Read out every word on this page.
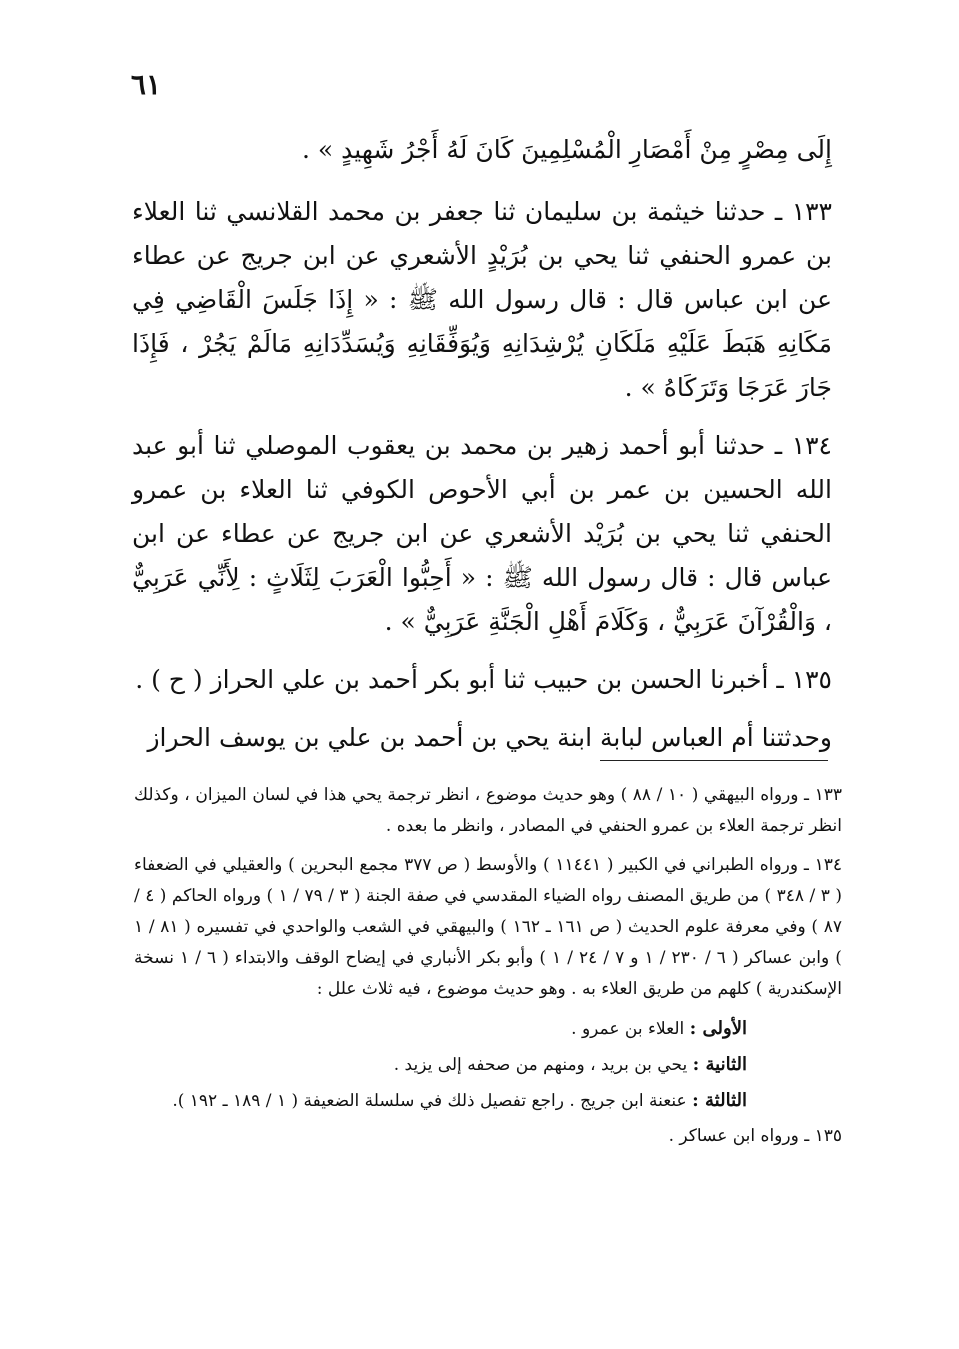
٦١

إِلَى مِصْرٍ مِنْ أَمْصَارِ الْمُسْلِمِينَ كَانَ لَهُ أَجْرُ شَهِيدٍ » .

١٣٣ ـ حدثنا خيثمة بن سليمان ثنا جعفر بن محمد القلانسي ثنا العلاء بن عمرو الحنفي ثنا يحي بن بُرَيْدٍ الأشعري عن ابن جريج عن عطاء عن ابن عباس قال : قال رسول الله ﷺ : « إِذَا جَلَسَ الْقَاضِي فِي مَكَانِهِ هَبَطَ عَلَيْهِ مَلَكَانِ يُرْشِدَانِهِ وَيُوَفِّقَانِهِ وَيُسَدِّدَانِهِ مَالَمْ يَجُرْ ، فَإِذَا جَارَ عَرَجَا وَتَرَكَاهُ » .

١٣٤ ـ حدثنا أبو أحمد زهير بن محمد بن يعقوب الموصلي ثنا أبو عبد الله الحسين بن عمر بن أبي الأحوص الكوفي ثنا العلاء بن عمرو الحنفي ثنا يحي بن بُرَيْد الأشعري عن ابن جريج عن عطاء عن ابن عباس قال : قال رسول الله ﷺ : « أَحِبُّوا الْعَرَبَ لِثَلَاثٍ : لِأَنِّي عَرَبِيٌّ ، وَالْقُرْآنَ عَرَبِيٌّ ، وَكَلَامَ أَهْلِ الْجَنَّةِ عَرَبِيٌّ » .

١٣٥ ـ أخبرنا الحسن بن حبيب ثنا أبو بكر أحمد بن علي الحراز ( ح ) .

وحدثتنا أم العباس لبابة ابنة يحي بن أحمد بن علي بن يوسف الحراز

١٣٣ ـ ورواه البيهقي ( ١٠ / ٨٨ ) وهو حديث موضوع ، انظر ترجمة يحي هذا في لسان الميزان ، وكذلك انظر ترجمة العلاء بن عمرو الحنفي في المصادر ، وانظر ما بعده .

١٣٤ ـ ورواه الطبراني في الكبير ( ١١٤٤١ ) والأوسط ( ص ٣٧٧ مجمع البحرين ) والعقيلي في الضعفاء ( ٣ / ٣٤٨ ) من طريق المصنف رواه الضياء المقدسي في صفة الجنة ( ٣ / ٧٩ / ١ ) ورواه الحاكم ( ٤ / ٨٧ ) وفي معرفة علوم الحديث ( ص ١٦١ ـ ١٦٢ ) والبيهقي في الشعب والواحدي في تفسيره ( ٨١ / ١ ) وابن عساكر ( ٦ / ٢٣٠ / ١ و ٧ / ٢٤ / ١ ) وأبو بكر الأنباري في إيضاح الوقف والابتداء ( ٦ / ١ نسخة الإسكندرية ) كلهم من طريق العلاء به . وهو حديث موضوع ، فيه ثلاث علل :

الأولى : العلاء بن عمرو .

الثانية : يحي بن بريد ، ومنهم من صحفه إلى يزيد .

الثالثة : عنعنة ابن جريج . راجع تفصيل ذلك في سلسلة الضعيفة ( ١ / ١٨٩ ـ ١٩٢ ).

١٣٥ ـ ورواه ابن عساكر .
